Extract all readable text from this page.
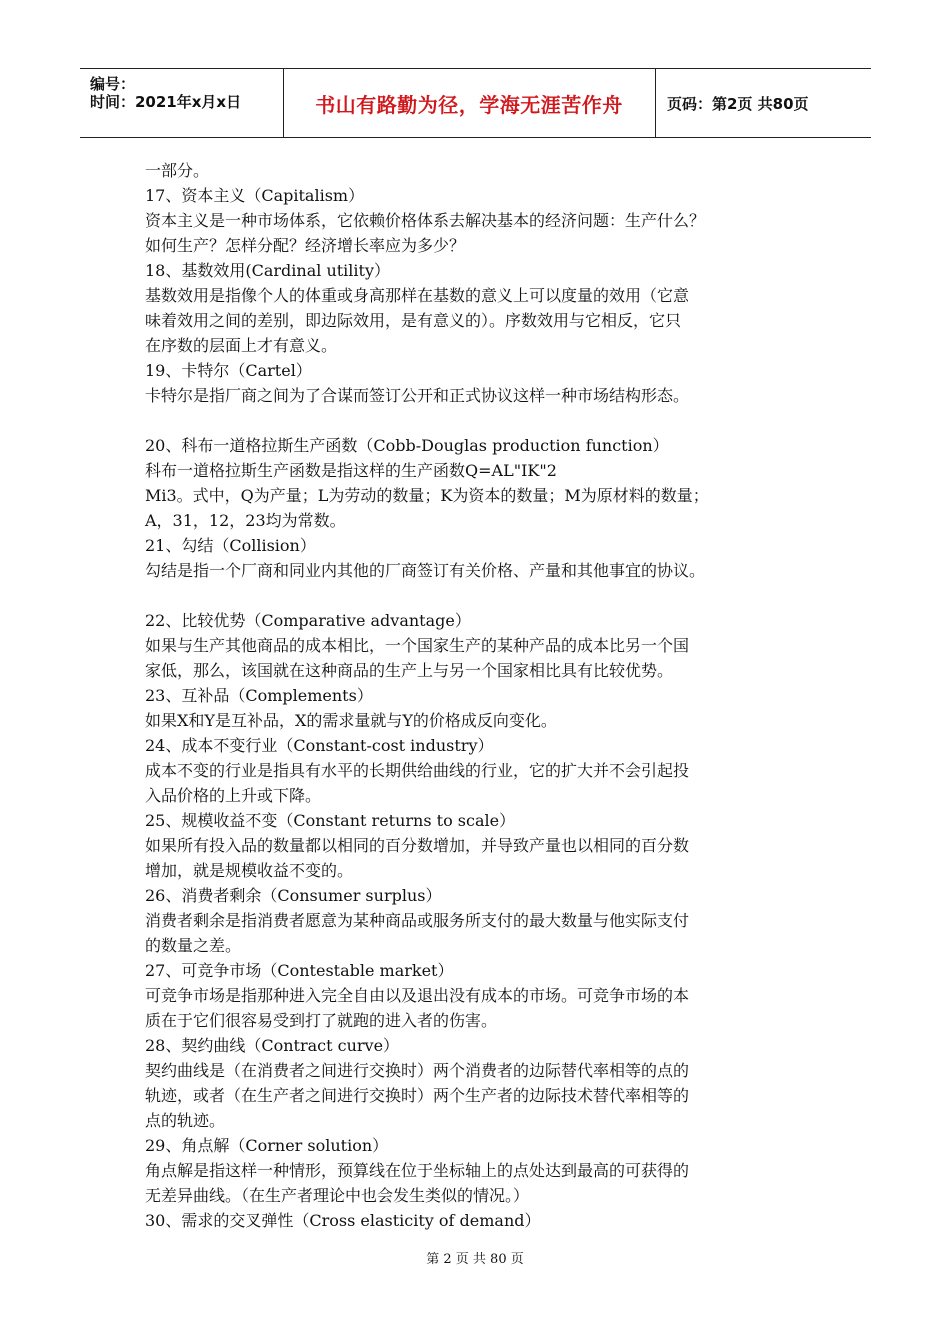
编号：
时间：2021年x月x日	书山有路勤为径，学海无涯苦作舟	页码：第2页 共80页
一部分。
17、资本主义（Capitalism）
资本主义是一种市场体系，它依赖价格体系去解决基本的经济问题：生产什么？
如何生产？怎样分配？经济增长率应为多少？
18、基数效用(Cardinal utility）
基数效用是指像个人的体重或身高那样在基数的意义上可以度量的效用（它意
味着效用之间的差别，即边际效用，是有意义的）。序数效用与它相反，它只
在序数的层面上才有意义。
19、卡特尔（Cartel）
卡特尔是指厂商之间为了合谋而签订公开和正式协议这样一种市场结构形态。
20、科布一道格拉斯生产函数（Cobb-Douglas production function）
科布一道格拉斯生产函数是指这样的生产函数Q=AL"IK"2
Mi3。式中，Q为产量；L为劳动的数量；K为资本的数量；M为原材料的数量；
A，31，12，23均为常数。
21、勾结（Collision）
勾结是指一个厂商和同业内其他的厂商签订有关价格、产量和其他事宜的协议。
22、比较优势（Comparative advantage）
如果与生产其他商品的成本相比，一个国家生产的某种产品的成本比另一个国
家低，那么，该国就在这种商品的生产上与另一个国家相比具有比较优势。
23、互补品（Complements）
如果X和Y是互补品，X的需求量就与Y的价格成反向变化。
24、成本不变行业（Constant-cost industry）
成本不变的行业是指具有水平的长期供给曲线的行业，它的扩大并不会引起投
入品价格的上升或下降。
25、规模收益不变（Constant returns to scale）
如果所有投入品的数量都以相同的百分数增加，并导致产量也以相同的百分数
增加，就是规模收益不变的。
26、消费者剩余（Consumer surplus）
消费者剩余是指消费者愿意为某种商品或服务所支付的最大数量与他实际支付
的数量之差。
27、可竞争市场（Contestable market）
可竞争市场是指那种进入完全自由以及退出没有成本的市场。可竞争市场的本
质在于它们很容易受到打了就跑的进入者的伤害。
28、契约曲线（Contract curve）
契约曲线是（在消费者之间进行交换时）两个消费者的边际替代率相等的点的
轨迹，或者（在生产者之间进行交换时）两个生产者的边际技术替代率相等的
点的轨迹。
29、角点解（Corner solution）
角点解是指这样一种情形，预算线在位于坐标轴上的点处达到最高的可获得的
无差异曲线。（在生产者理论中也会发生类似的情况。）
30、需求的交叉弹性（Cross elasticity of demand）
第 2 页 共 80 页
